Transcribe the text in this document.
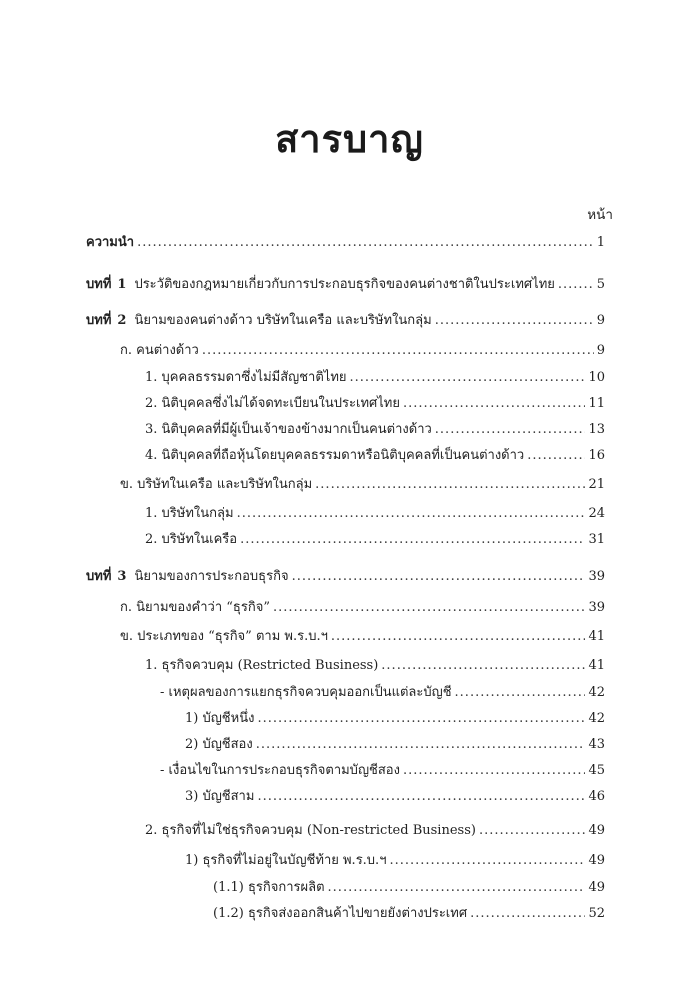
สารบาญ
หน้า
ความนำ .....	1
บทที่ 1 ประวัติของกฎหมายเกี่ยวกับการประกอบธุรกิจของคนต่างชาติในประเทศไทย .....	5
บทที่ 2 นิยามของคนต่างด้าว บริษัทในเครือ และบริษัทในกลุ่ม .....	9
ก. คนต่างด้าว .....	9
1. บุคคลธรรมดาซึ่งไม่มีสัญชาติไทย .....	10
2. นิติบุคคลซึ่งไม่ได้จดทะเบียนในประเทศไทย .....	11
3. นิติบุคคลที่มีผู้เป็นเจ้าของข้างมากเป็นคนต่างด้าว .....	13
4. นิติบุคคลที่ถือหุ้นโดยบุคคลธรรมดาหรือนิติบุคคลที่เป็นคนต่างด้าว .....	16
ข. บริษัทในเครือ และบริษัทในกลุ่ม .....	21
1. บริษัทในกลุ่ม .....	24
2. บริษัทในเครือ .....	31
บทที่ 3 นิยามของการประกอบธุรกิจ .....	39
ก. นิยามของคำว่า “ธุรกิจ” .....	39
ข. ประเภทของ “ธุรกิจ” ตาม พ.ร.บ.ฯ .....	41
1. ธุรกิจควบคุม (Restricted Business) .....	41
- เหตุผลของการแยกธุรกิจควบคุมออกเป็นแต่ละบัญชี .....	42
1) บัญชีหนึ่ง .....	42
2) บัญชีสอง .....	43
- เงื่อนไขในการประกอบธุรกิจตามบัญชีสอง .....	45
3) บัญชีสาม .....	46
2. ธุรกิจที่ไม่ใช่ธุรกิจควบคุม (Non-restricted Business) .....	49
1) ธุรกิจที่ไม่อยู่ในบัญชีท้าย พ.ร.บ.ฯ .....	49
(1.1) ธุรกิจการผลิต .....	49
(1.2) ธุรกิจส่งออกสินค้าไปขายยังต่างประเทศ .....	52
